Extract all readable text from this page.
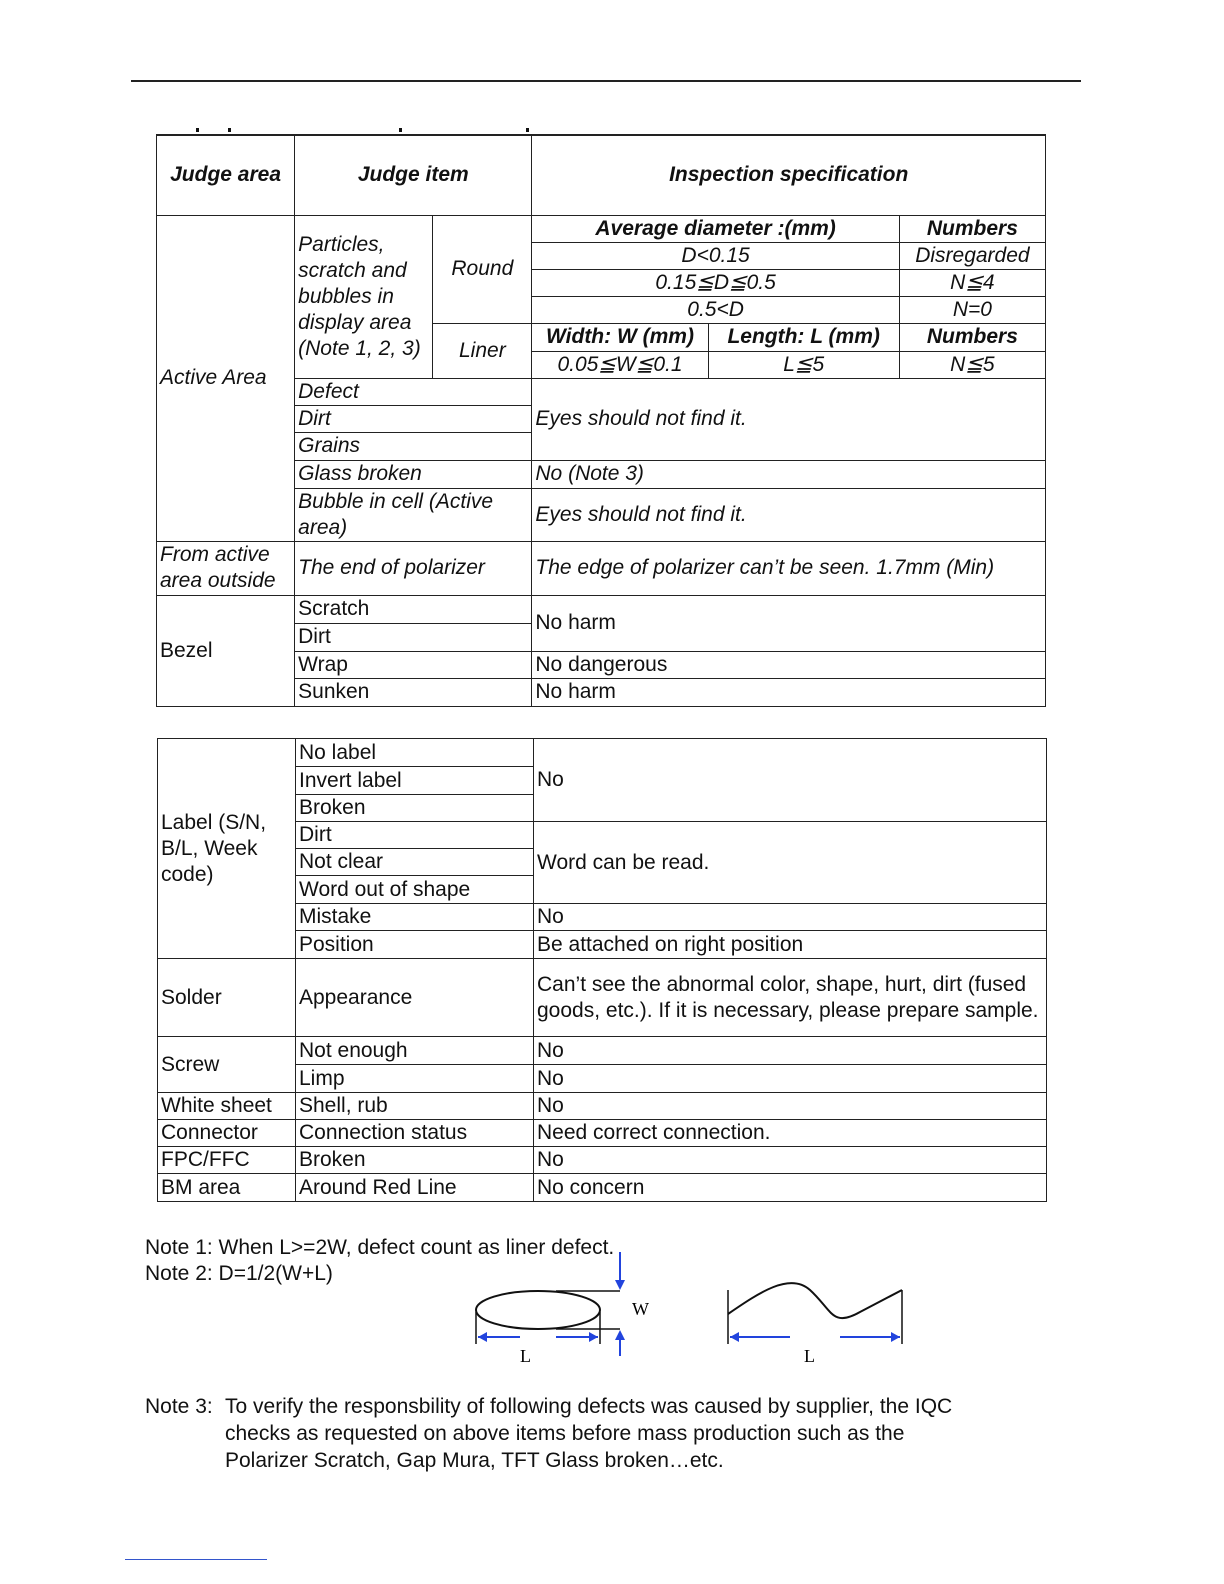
Judge area	Judge item		Inspection specification		
Active Area	Particles, scratch and bubbles in display area (Note 1, 2, 3)	Round	Average diameter :(mm)		Numbers
			D<0.15		Disregarded
			0.15≦D≦0.5		N≦4
			0.5<D		N=0
		Liner	Width: W (mm)	Length: L (mm)	Numbers
			0.05≦W≦0.1	L≦5	N≦5
	Defect		Eyes should not find it.		
	Dirt				
	Grains				
	Glass broken		No (Note 3)		
	Bubble in cell (Active area)		Eyes should not find it.		
From active area outside	The end of polarizer		The edge of polarizer can’t be seen. 1.7mm (Min)		
Bezel	Scratch		No harm		
	Dirt				
	Wrap		No dangerous		
	Sunken		No harm		
Label (S/N, B/L, Week code)	No label	No
	Invert label	
	Broken	
	Dirt	Word can be read.
	Not clear	
	Word out of shape	
	Mistake	No
	Position	Be attached on right position
Solder	Appearance	Can’t see the abnormal color, shape, hurt, dirt (fused goods, etc.). If it is necessary, please prepare sample.
Screw	Not enough	No
	Limp	No
White sheet	Shell, rub	No
Connector	Connection status	Need correct connection.
FPC/FFC	Broken	No
BM area	Around Red Line	No concern
Note 1: When L>=2W, defect count as liner defect.
Note 2: D=1/2(W+L)
W
L	L
Note 3: To verify the responsbility of following defects was caused by supplier, the IQC
checks as requested on above items before mass production such as the
Polarizer Scratch, Gap Mura, TFT Glass broken…etc.
